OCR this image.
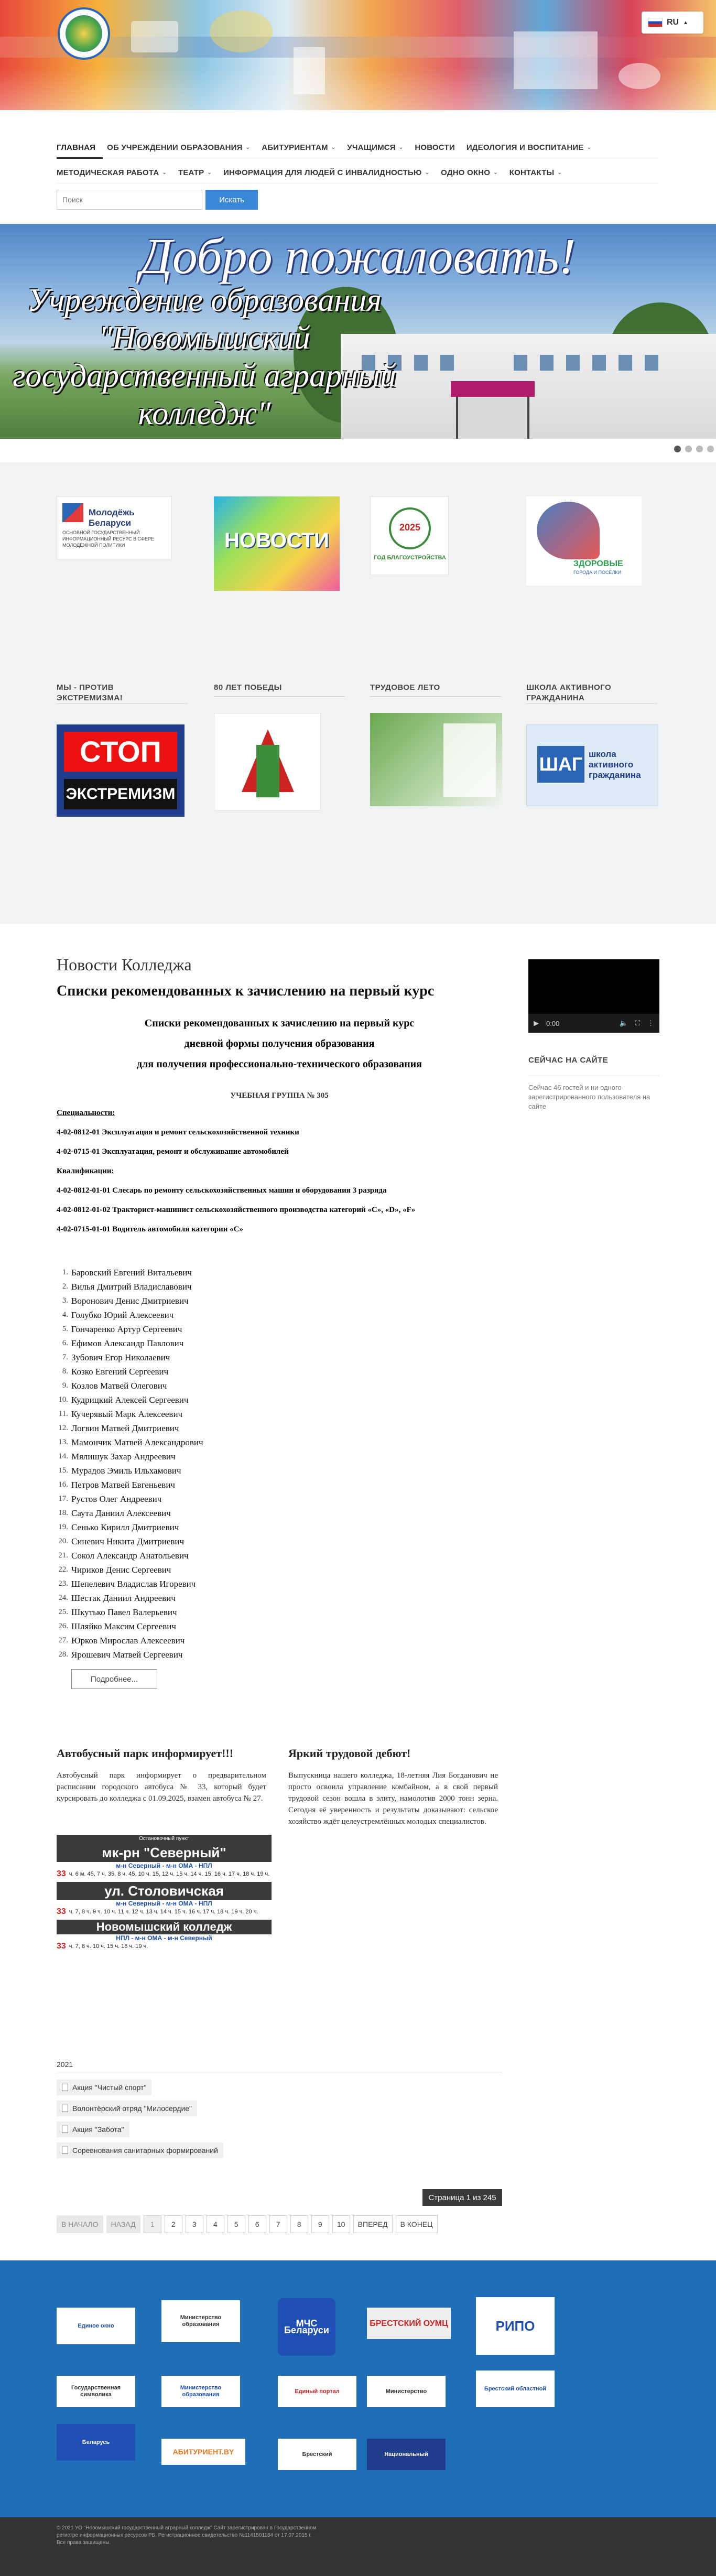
RU ▲
ГЛАВНАЯ ОБ УЧРЕЖДЕНИИ ОБРАЗОВАНИЯ ⌄ АБИТУРИЕНТАМ ⌄ УЧАЩИМСЯ ⌄ НОВОСТИ ИДЕОЛОГИЯ И ВОСПИТАНИЕ ⌄
МЕТОДИЧЕСКАЯ РАБОТА ⌄ ТЕАТР ⌄ ИНФОРМАЦИЯ ДЛЯ ЛЮДЕЙ С ИНВАЛИДНОСТЬЮ ⌄ ОДНО ОКНО ⌄ КОНТАКТЫ ⌄
Поиск
Искать
Добро пожаловать!
Учреждение образования "Новомышский государственный аграрный колледж"
Молодёжь Беларуси
ОСНОВНОЙ ГОСУДАРСТВЕННЫЙ ИНФОРМАЦИОННЫЙ РЕСУРС В СФЕРЕ МОЛОДЕЖНОЙ ПОЛИТИКИ	НОВОСТИ
2025
ГОД БЛАГОУСТРОЙСТВА
ЗДОРОВЫЕ
ГОРОДА И ПОСЁЛКИ
МЫ - ПРОТИВ ЭКСТРЕМИЗМА!
80 ЛЕТ ПОБЕДЫ	ТРУДОВОЕ ЛЕТО	ШКОЛА АКТИВНОГО ГРАЖДАНИНА
СТОП
ЭКСТРЕМИЗМ
ШАГ школа активного гражданина
Новости Колледжа
Списки рекомендованных к зачислению на первый курс
Списки рекомендованных к зачислению на первый курс
дневной формы получения образования
для получения профессионально-технического образования
УЧЕБНАЯ ГРУППА № 305
Специальности:
4-02-0812-01 Эксплуатация и ремонт сельскохозяйственной техники
4-02-0715-01 Эксплуатация, ремонт и обслуживание автомобилей
Квалификации:
4-02-0812-01-01 Слесарь по ремонту сельскохозяйственных машин и оборудования 3 разряда
4-02-0812-01-02 Тракторист-машинист сельскохозяйственного производства категорий «С», «D», «F»
4-02-0715-01-01 Водитель автомобиля категории «С»
1. Баровский Евгений Витальевич
2. Вилья Дмитрий Владиславович
3. Воронович Денис Дмитриевич
4. Голубко Юрий Алексеевич
5. Гончаренко Артур Сергеевич
6. Ефимов Александр Павлович
7. Зубович Егор Николаевич
8. Козко Евгений Сергеевич
9. Козлов Матвей Олегович
10. Кудрицкий Алексей Сергеевич
11. Кучерявый Марк Алексеевич
12. Логвин Матвей Дмитриевич
13. Мамончик Матвей Александрович
14. Мялишук Захар Андреевич
15. Мурадов Эмиль Ильхамович
16. Петров Матвей Евгеньевич
17. Рустов Олег Андреевич
18. Саута Даниил Алексеевич
19. Сенько Кирилл Дмитриевич
20. Синевич Никита Дмитриевич
21. Сокол Александр Анатольевич
22. Чириков Денис Сергеевич
23. Шепелевич Владислав Игоревич
24. Шестак Даниил Андреевич
25. Шкутько Павел Валерьевич
26. Шляйко Максим Сергеевич
27. Юрков Мирослав Алексеевич
28. Ярошевич Матвей Сергеевич
Подробнее...
Автобусный парк информирует!!!

Автобусный парк информирует о предварительном расписании городского автобуса № 33, который будет курсировать до колледжа с 01.09.2025, взамен автобуса № 27.

Яркий трудовой дебют!

Выпускница нашего колледжа, 18-летняя Лия Богданович не просто освоила управление комбайном, а в свой первый трудовой сезон вошла в элиту, намолотив 2000 тонн зерна. Сегодня её уверенность и результаты доказывают: сельское хозяйство ждёт целеустремлённых молодых специалистов.

Остановочный пункт
мк-рн "Северный"
м-н Северный - м-н ОМА - НПЛ
33 ч. 6 м. 45, 7 ч. 35, 8 ч. 45, 10 ч. 15, 12 ч. 15 ч. 14 ч. 15, 16 ч. 17 ч. 18 ч. 19 ч.
ул. Столовичская
м-н Северный - м-н ОМА - НПЛ
33 ч. 7, 8 ч. 9 ч. 10 ч. 11 ч. 12 ч. 13 ч. 14 ч. 15 ч. 16 ч. 17 ч. 18 ч. 19 ч. 20 ч.
Новомышский колледж
НПЛ - м-н ОМА - м-н Северный
33 ч. 7, 8 ч. 10 ч. 15 ч. 16 ч. 19 ч.
2021
Акция "Чистый спорт"
Волонтёрский отряд "Милосердие"
Акция "Забота"
Соревнования санитарных формирований
Страница 1 из 245
В НАЧАЛО	НАЗАД	1	2	3	4	5	6	7	8	9	10	ВПЕРЕД	В КОНЕЦ
▶ 0:00	🔈 ⛶ ⋮
СЕЙЧАС НА САЙТЕ
Сейчас 46 гостей и ни одного зарегистрированного пользователя на сайте
Единое окно
Министерство образования	МЧС Беларуси
БРЕСТСКИЙ ОУМЦ	РИПО
Государственная символика
Министерство образования
Единый портал	Министерство	Брестский областной
Беларусь
АБИТУРИЕНТ.BY	Брестский	Национальный

© 2021 УО "Новомышский государственный аграрный колледж" Сайт зарегистрирован в Государственном регистре информационных ресурсов РБ. Регистрационное свидетельство №1141501184 от 17.07.2015 г. Все права защищены.
